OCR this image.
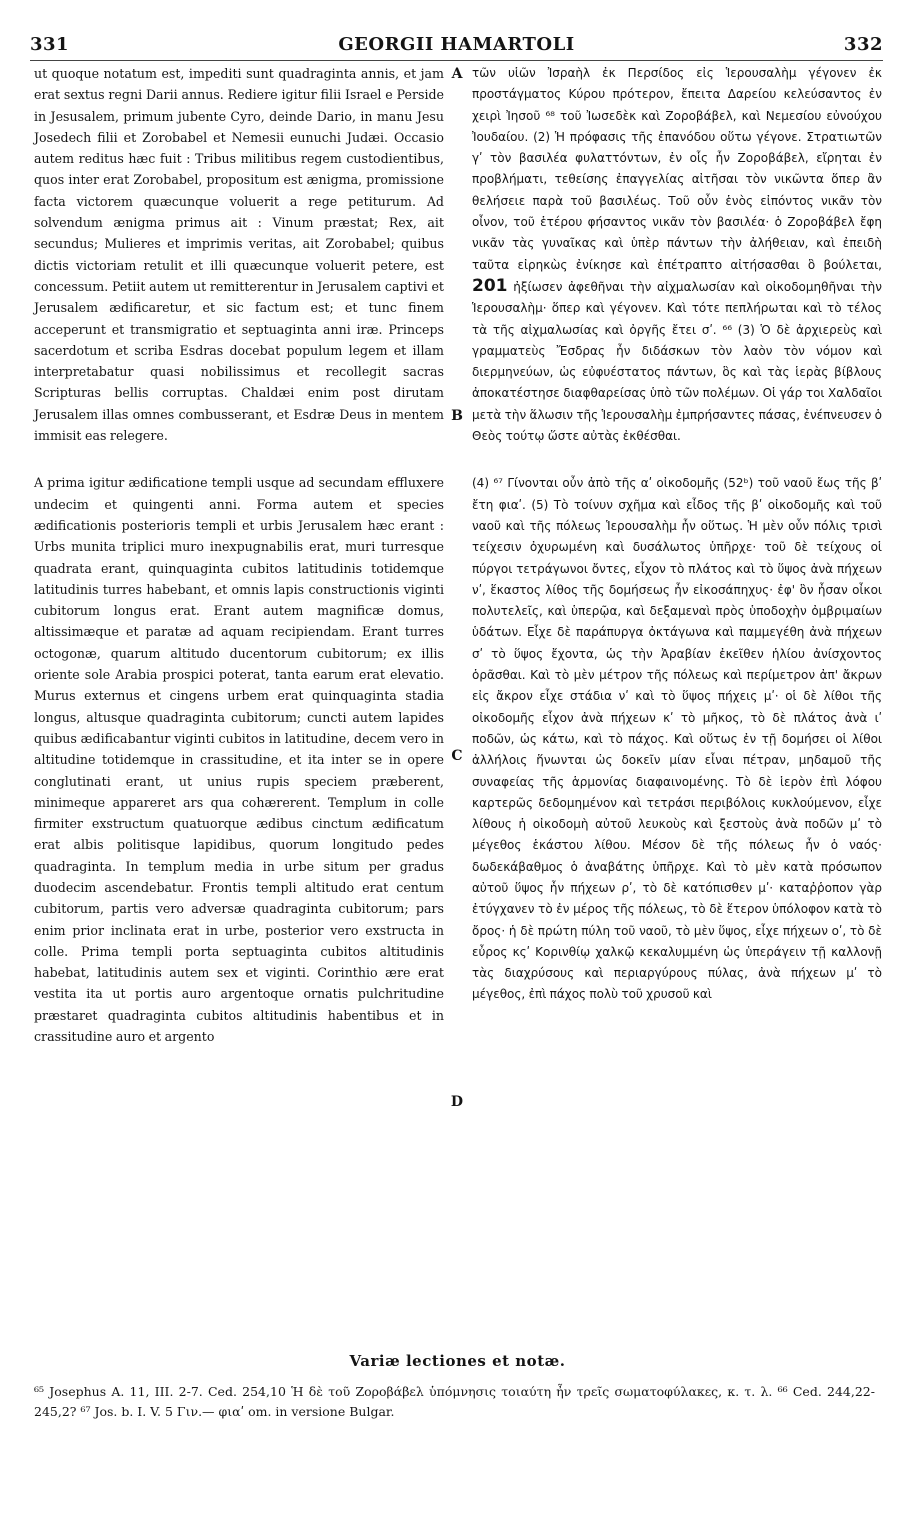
331	GEORGII HAMARTOLI	332

ut quoque notatum est, impediti sunt quadraginta annis, et jam erat sextus regni Darii annus. Rediere igitur filii Israel e Perside in Jesusalem, primum jubente Cyro, deinde Dario, in manu Jesu Josedech filii et Zorobabel et Nemesii eunuchi Judæi. Occasio autem reditus hæc fuit : Tribus militibus regem custodientibus, quos inter erat Zorobabel, propositum est ænigma, promissione facta victorem quæcunque voluerit a rege petiturum. Ad solvendum ænigma primus ait : Vinum præstat; Rex, ait secundus; Mulieres et imprimis veritas, ait Zorobabel; quibus dictis victoriam retulit et illi quæcunque voluerit petere, est concessum. Petiit autem ut remitterentur in Jerusalem captivi et Jerusalem ædificaretur, et sic factum est; et tunc finem acceperunt et transmigratio et septuaginta anni iræ. Princeps sacerdotum et scriba Esdras docebat populum legem et illam interpretabatur quasi nobilissimus et recollegit sacras Scripturas bellis corruptas. Chaldæi enim post dirutam Jerusalem illas omnes combusserant, et Esdræ Deus in mentem immisit eas relegere.

A prima igitur ædificatione templi usque ad secundam effluxere undecim et quingenti anni. Forma autem et species ædificationis posterioris templi et urbis Jerusalem hæc erant : Urbs munita triplici muro inexpugnabilis erat, muri turresque quadrata erant, quinquaginta cubitos latitudinis totidemque latitudinis turres habebant, et omnis lapis constructionis viginti cubitorum longus erat. Erant autem magnificæ domus, altissimæque et paratæ ad aquam recipiendam. Erant turres octogonæ, quarum altitudo ducentorum cubitorum; ex illis oriente sole Arabia prospici poterat, tanta earum erat elevatio. Murus externus et cingens urbem erat quinquaginta stadia longus, altusque quadraginta cubitorum; cuncti autem lapides quibus ædificabantur viginti cubitos in latitudine, decem vero in altitudine totidemque in crassitudine, et ita inter se in opere conglutinati erant, ut unius rupis speciem præberent, minimeque appareret ars qua cohærerent. Templum in colle firmiter exstructum quatuorque ædibus cinctum ædificatum erat albis politisque lapidibus, quorum longitudo pedes quadraginta. In templum media in urbe situm per gradus duodecim ascendebatur. Frontis templi altitudo erat centum cubitorum, partis vero adversæ quadraginta cubitorum; pars enim prior inclinata erat in urbe, posterior vero exstructa in colle. Prima templi porta septuaginta cubitos altitudinis habebat, latitudinis autem sex et viginti. Corinthio ære erat vestita ita ut portis auro argentoque ornatis pulchritudine præstaret quadraginta cubitos altitudinis habentibus et in crassitudine auro et argento

A
B
C
D

τῶν υἱῶν Ἰσραὴλ ἐκ Περσίδος εἰς Ἱερουσαλὴμ γέγονεν ἐκ προστάγματος Κύρου πρότερον, ἔπειτα Δαρείου κελεύσαντος ἐν χειρὶ Ἰησοῦ ⁶⁸ τοῦ Ἰωσεδὲκ καὶ Ζοροβάβελ, καὶ Νεμεσίου εὐνούχου Ἰουδαίου. (2) Ἡ πρόφασις τῆς ἐπανόδου οὕτω γέγονε. Στρατιωτῶν γʹ τὸν βασιλέα φυλαττόντων, ἐν οἷς ἦν Ζοροβάβελ, εἴρηται ἐν προβλήματι, τεθείσης ἐπαγγελίας αἰτῆσαι τὸν νικῶντα ὅπερ ἂν θελήσειε παρὰ τοῦ βασιλέως. Τοῦ οὖν ἑνὸς εἰπόντος νικᾶν τὸν οἶνον, τοῦ ἑτέρου φήσαντος νικᾶν τὸν βασιλέα· ὁ Ζοροβάβελ ἔφη νικᾶν τὰς γυναῖκας καὶ ὑπὲρ πάντων τὴν ἀλήθειαν, καὶ ἐπειδὴ ταῦτα εἰρηκὼς ἐνίκησε καὶ ἐπέτραπτο αἰτήσασθαι ὃ βούλεται, 201 ἠξίωσεν ἀφεθῆναι τὴν αἰχμαλωσίαν καὶ οἰκοδομηθῆναι τὴν Ἱερουσαλὴμ· ὅπερ καὶ γέγονεν. Καὶ τότε πεπλήρωται καὶ τὸ τέλος τὰ τῆς αἰχμαλωσίας καὶ ὀργῆς ἔτει σʹ. ⁶⁶ (3) Ὁ δὲ ἀρχιερεὺς καὶ γραμματεὺς Ἔσδρας ἦν διδάσκων τὸν λαὸν τὸν νόμον καὶ διερμηνεύων, ὡς εὐφυέστατος πάντων, ὃς καὶ τὰς ἱερὰς βίβλους ἀποκατέστησε διαφθαρείσας ὑπὸ τῶν πολέμων. Οἱ γάρ τοι Χαλδαῖοι μετὰ τὴν ἅλωσιν τῆς Ἱερουσαλὴμ ἐμπρήσαντες πάσας, ἐνέπνευσεν ὁ Θεὸς τούτῳ ὥστε αὐτὰς ἐκθέσθαι.

(4) ⁶⁷ Γίνονται οὖν ἀπὸ τῆς αʹ οἰκοδομῆς (52ᵇ) τοῦ ναοῦ ἕως τῆς βʹ ἔτη φιαʹ. (5) Τὸ τοίνυν σχῆμα καὶ εἶδος τῆς βʹ οἰκοδομῆς καὶ τοῦ ναοῦ καὶ τῆς πόλεως Ἱερουσαλὴμ ἦν οὕτως. Ἡ μὲν οὖν πόλις τρισὶ τείχεσιν ὀχυρωμένη καὶ δυσάλωτος ὑπῆρχε· τοῦ δὲ τείχους οἱ πύργοι τετράγωνοι ὄντες, εἶχον τὸ πλάτος καὶ τὸ ὕψος ἀνὰ πήχεων νʹ, ἕκαστος λίθος τῆς δομήσεως ἦν εἰκοσάπηχυς· ἐφ' ὃν ἦσαν οἶκοι πολυτελεῖς, καὶ ὑπερῷα, καὶ δεξαμεναὶ πρὸς ὑποδοχὴν ὀμβριμαίων ὑδάτων. Εἶχε δὲ παράπυργα ὀκτάγωνα καὶ παμμεγέθη ἀνὰ πήχεων σʹ τὸ ὕψος ἔχοντα, ὡς τὴν Ἀραβίαν ἐκεῖθεν ἡλίου ἀνίσχοντος ὁρᾶσθαι. Καὶ τὸ μὲν μέτρον τῆς πόλεως καὶ περίμετρον ἀπ' ἄκρων εἰς ἄκρον εἶχε στάδια νʹ καὶ τὸ ὕψος πήχεις μʹ· οἱ δὲ λίθοι τῆς οἰκοδομῆς εἶχον ἀνὰ πήχεων κʹ τὸ μῆκος, τὸ δὲ πλάτος ἀνὰ ιʹ ποδῶν, ὡς κάτω, καὶ τὸ πάχος. Καὶ οὕτως ἐν τῇ δομήσει οἱ λίθοι ἀλλήλοις ἥνωνται ὡς δοκεῖν μίαν εἶναι πέτραν, μηδαμοῦ τῆς συναφείας τῆς ἁρμονίας διαφαινομένης. Τὸ δὲ ἱερὸν ἐπὶ λόφου καρτερῶς δεδομημένον καὶ τετράσι περιβόλοις κυκλούμενον, εἶχε λίθους ἡ οἰκοδομὴ αὐτοῦ λευκοὺς καὶ ξεστοὺς ἀνὰ ποδῶν μʹ τὸ μέγεθος ἑκάστου λίθου. Μέσον δὲ τῆς πόλεως ἦν ὁ ναός· δωδεκάβαθμος ὁ ἀναβάτης ὑπῆρχε. Καὶ τὸ μὲν κατὰ πρόσωπον αὐτοῦ ὕψος ἦν πήχεων ρʹ, τὸ δὲ κατόπισθεν μʹ· καταῤῥοπον γὰρ ἐτύγχανεν τὸ ἐν μέρος τῆς πόλεως, τὸ δὲ ἕτερον ὑπόλοφον κατὰ τὸ ὄρος· ἡ δὲ πρώτη πύλη τοῦ ναοῦ, τὸ μὲν ὕψος, εἶχε πήχεων οʹ, τὸ δὲ εὖρος κςʹ Κορινθίῳ χαλκῷ κεκαλυμμένη ὡς ὑπεράγειν τῇ καλλονῇ τὰς διαχρύσους καὶ περιαργύρους πύλας, ἀνὰ πήχεων μʹ τὸ μέγεθος, ἐπὶ πάχος πολὺ τοῦ χρυσοῦ καὶ

Variæ lectiones et notæ.
⁶⁵ Josephus A. 11, III. 2-7. Ced. 254,10 Ἡ δὲ τοῦ Ζοροβάβελ ὑπόμνησις τοιαύτη ἦν τρεῖς σωματοφύλακες, κ. τ. λ. ⁶⁶ Ced. 244,22-245,2? ⁶⁷ Jos. b. I. V. 5 Γιν.— φιαʹ om. in versione Bulgar.
